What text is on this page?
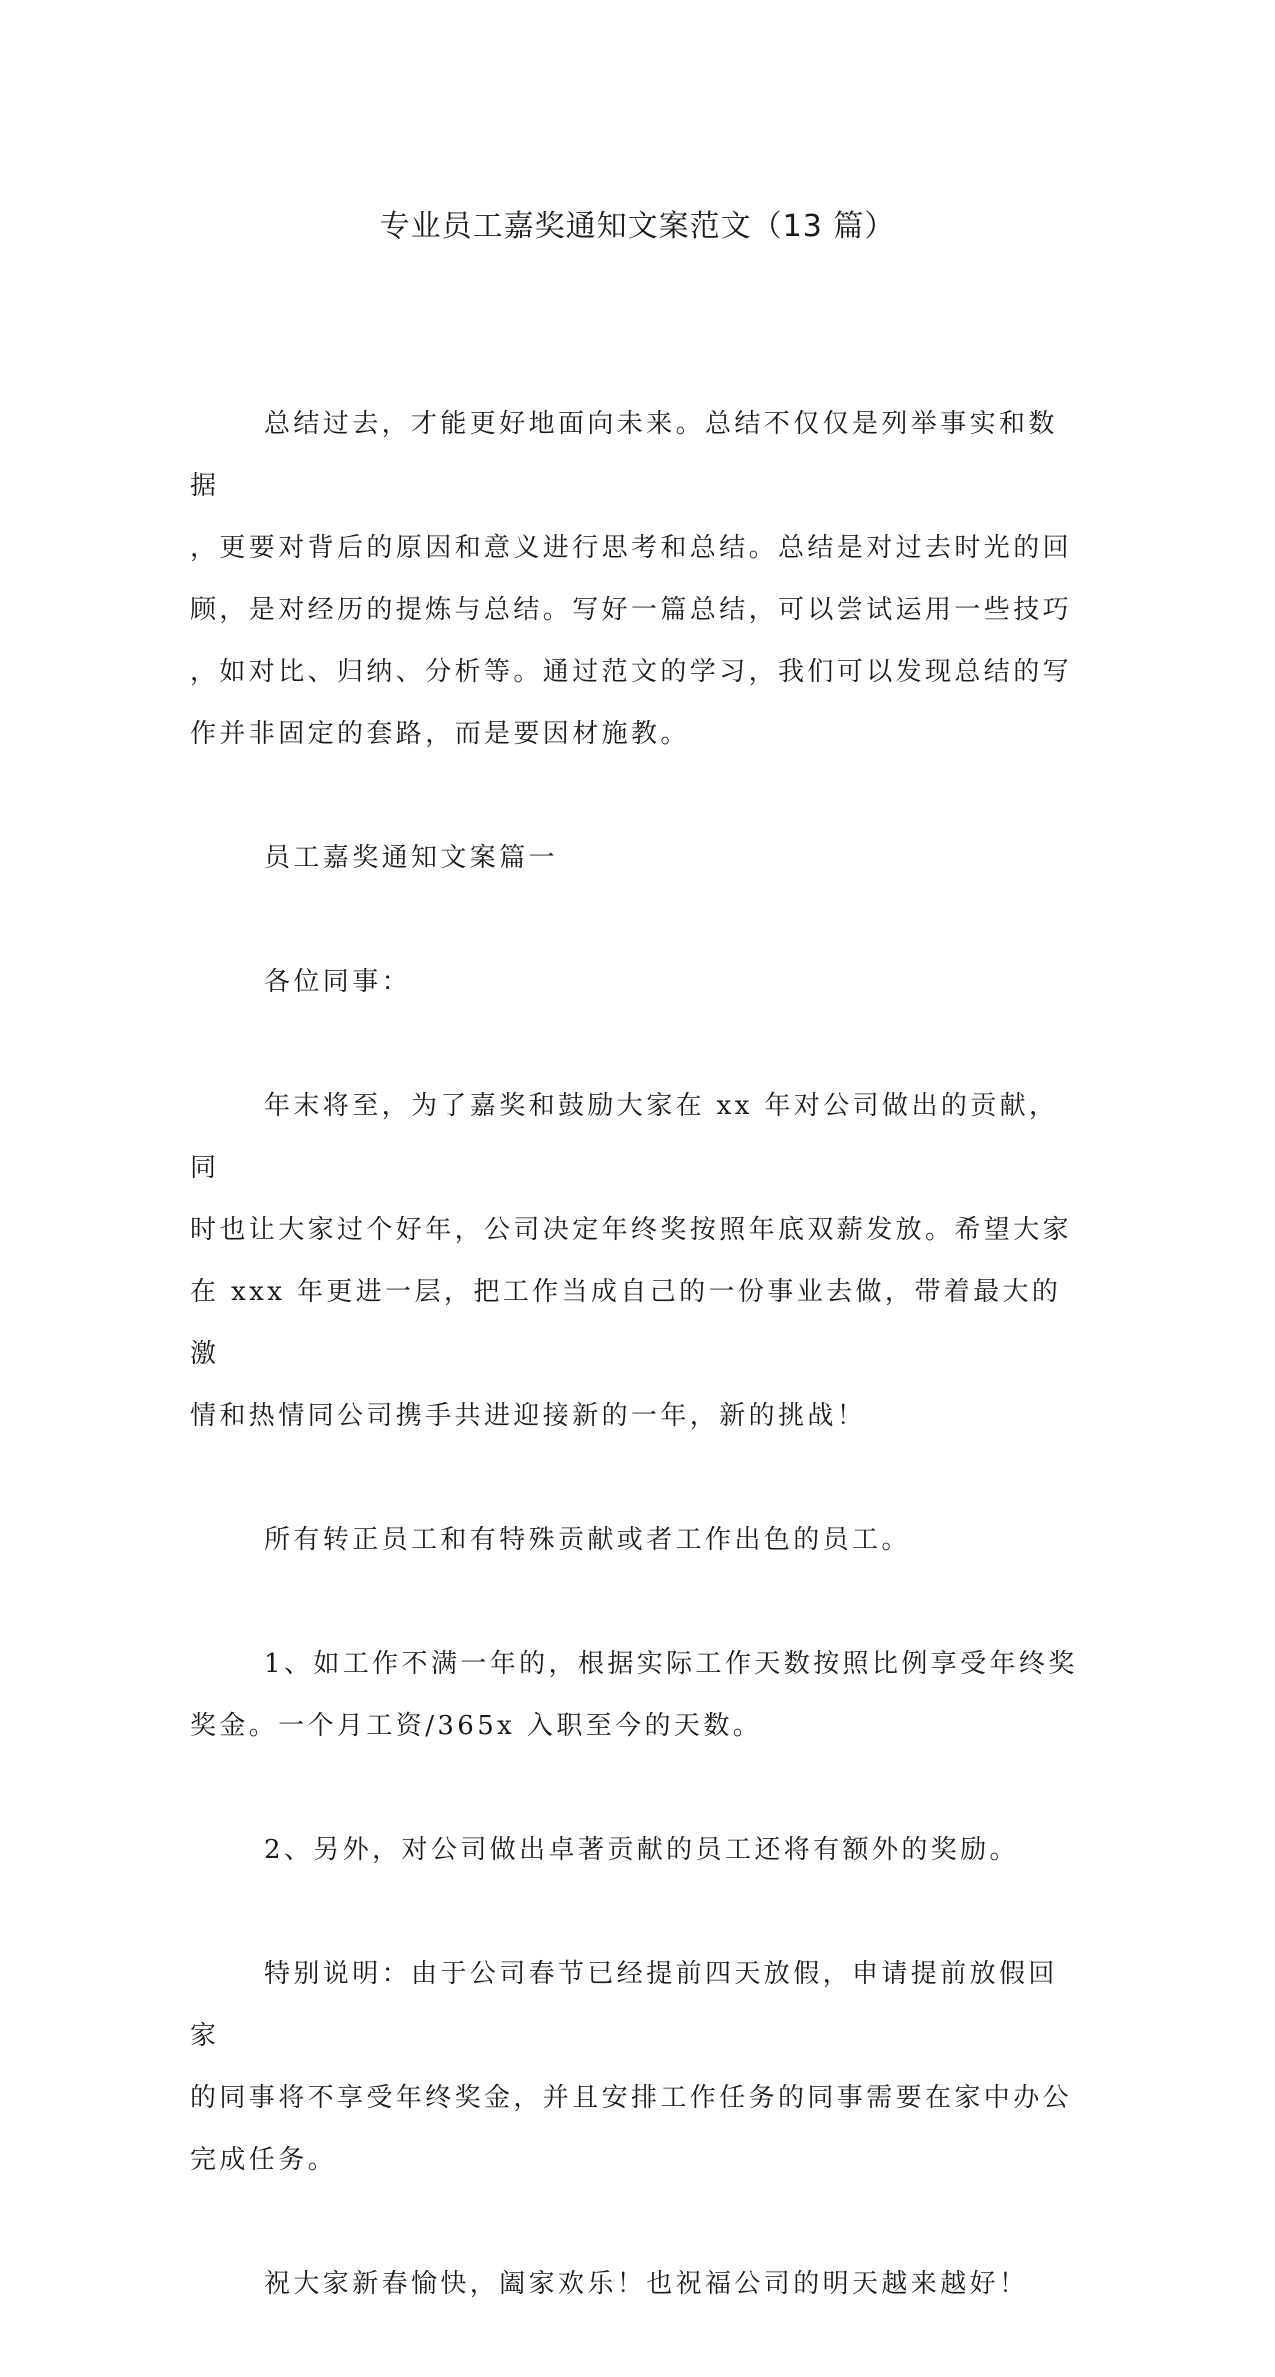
专业员工嘉奖通知文案范文（13 篇）

总结过去，才能更好地面向未来。总结不仅仅是列举事实和数据
，更要对背后的原因和意义进行思考和总结。总结是对过去时光的回
顾，是对经历的提炼与总结。写好一篇总结，可以尝试运用一些技巧
，如对比、归纳、分析等。通过范文的学习，我们可以发现总结的写
作并非固定的套路，而是要因材施教。

员工嘉奖通知文案篇一

各位同事：

年末将至，为了嘉奖和鼓励大家在 xx 年对公司做出的贡献，同
时也让大家过个好年，公司决定年终奖按照年底双薪发放。希望大家
在 xxx 年更进一层，把工作当成自己的一份事业去做，带着最大的激
情和热情同公司携手共进迎接新的一年，新的挑战！

所有转正员工和有特殊贡献或者工作出色的员工。

1、如工作不满一年的，根据实际工作天数按照比例享受年终奖
奖金。一个月工资/365x 入职至今的天数。

2、另外，对公司做出卓著贡献的员工还将有额外的奖励。

特别说明：由于公司春节已经提前四天放假，申请提前放假回家
的同事将不享受年终奖金，并且安排工作任务的同事需要在家中办公
完成任务。

祝大家新春愉快，阖家欢乐！也祝福公司的明天越来越好！
